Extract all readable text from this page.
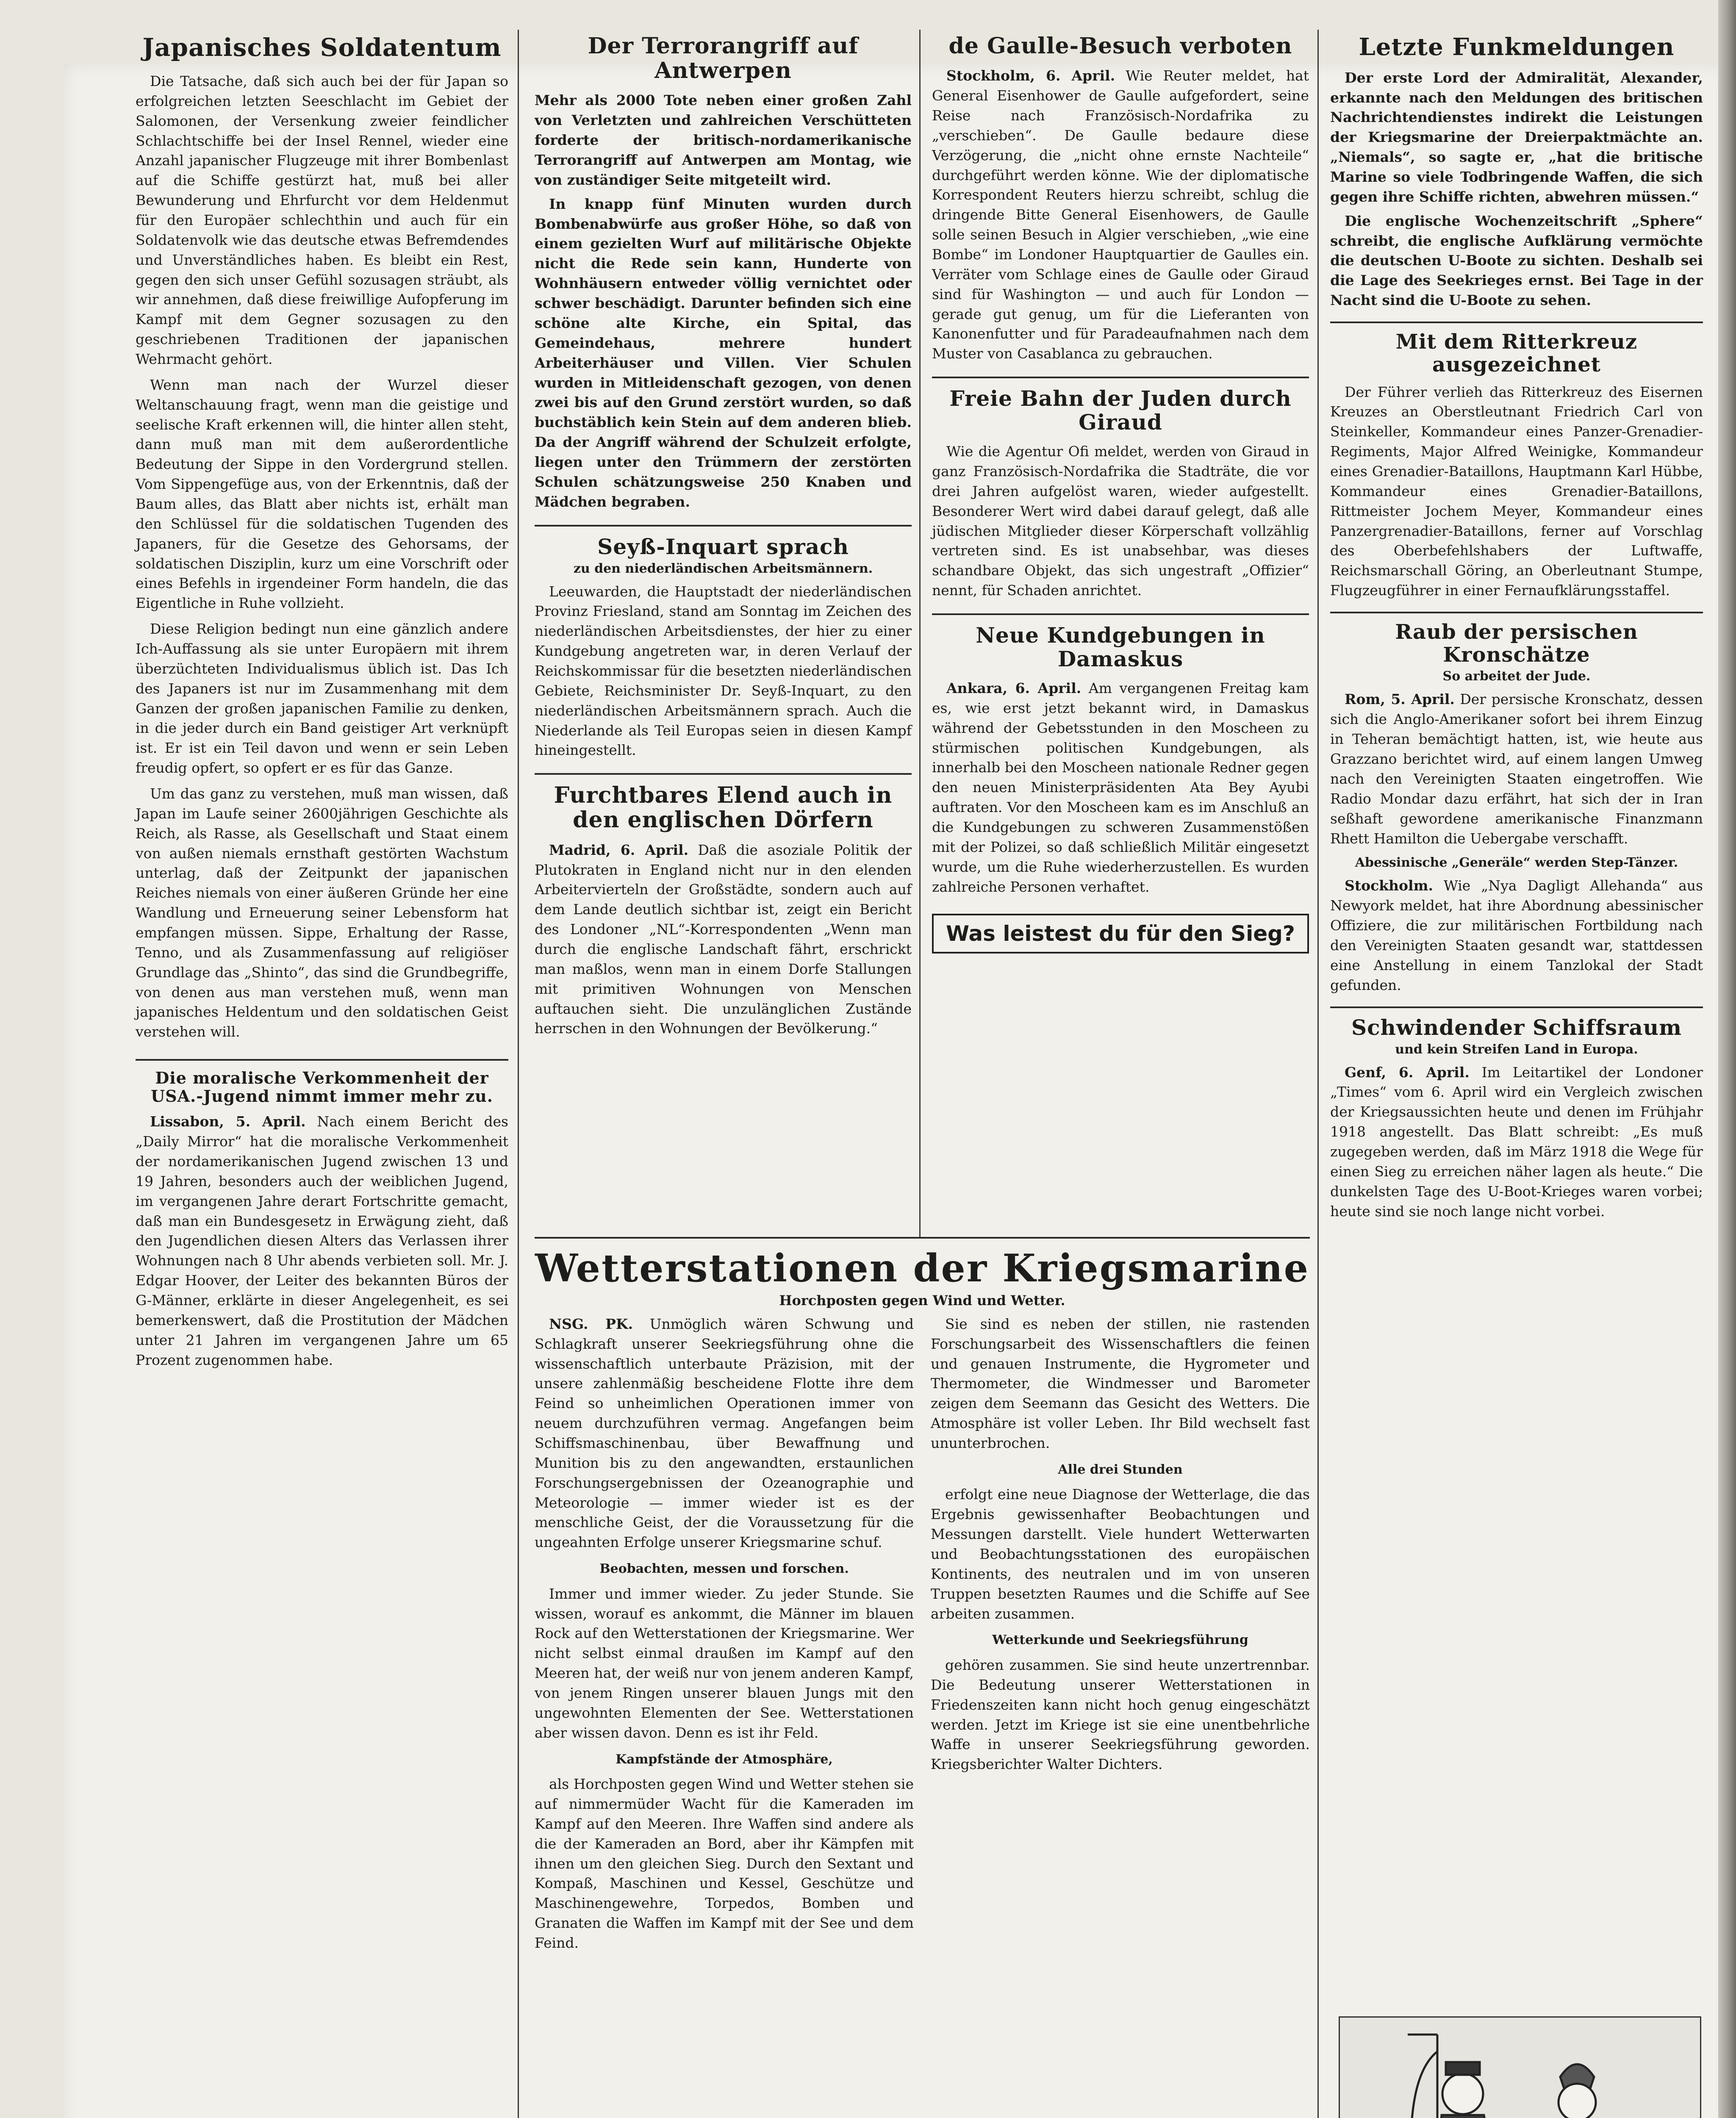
Japanisches Soldatentum

Die Tatsache, daß sich auch bei der für Japan so erfolgreichen letzten Seeschlacht im Gebiet der Salomonen, der Versenkung zweier feindlicher Schlachtschiffe bei der Insel Rennel, wieder eine Anzahl japanischer Flugzeuge mit ihrer Bombenlast auf die Schiffe gestürzt hat, muß bei aller Bewunderung und Ehrfurcht vor dem Heldenmut für den Europäer schlechthin und auch für ein Soldatenvolk wie das deutsche etwas Befremdendes und Unverständliches haben. Es bleibt ein Rest, gegen den sich unser Gefühl sozusagen sträubt, als wir annehmen, daß diese freiwillige Aufopferung im Kampf mit dem Gegner sozusagen zu den geschriebenen Traditionen der japanischen Wehrmacht gehört.

Wenn man nach der Wurzel dieser Weltanschauung fragt, wenn man die geistige und seelische Kraft erkennen will, die hinter allen steht, dann muß man mit dem außerordentliche Bedeutung der Sippe in den Vordergrund stellen. Vom Sippengefüge aus, von der Erkenntnis, daß der Baum alles, das Blatt aber nichts ist, erhält man den Schlüssel für die soldatischen Tugenden des Japaners, für die Gesetze des Gehorsams, der soldatischen Disziplin, kurz um eine Vorschrift oder eines Befehls in irgendeiner Form handeln, die das Eigentliche in Ruhe vollzieht.

Diese Religion bedingt nun eine gänzlich andere Ich-Auffassung als sie unter Europäern mit ihrem überzüchteten Individualismus üblich ist. Das Ich des Japaners ist nur im Zusammenhang mit dem Ganzen der großen japanischen Familie zu denken, in die jeder durch ein Band geistiger Art verknüpft ist. Er ist ein Teil davon und wenn er sein Leben freudig opfert, so opfert er es für das Ganze.

Um das ganz zu verstehen, muß man wissen, daß Japan im Laufe seiner 2600jährigen Geschichte als Reich, als Rasse, als Gesellschaft und Staat einem von außen niemals ernsthaft gestörten Wachstum unterlag, daß der Zeitpunkt der japanischen Reiches niemals von einer äußeren Gründe her eine Wandlung und Erneuerung seiner Lebensform hat empfangen müssen. Sippe, Erhaltung der Rasse, Tenno, und als Zusammenfassung auf religiöser Grundlage das „Shinto“, das sind die Grundbegriffe, von denen aus man verstehen muß, wenn man japanisches Heldentum und den soldatischen Geist verstehen will.

Die moralische Verkommenheit der USA.-Jugend nimmt immer mehr zu.

Lissabon, 5. April. Nach einem Bericht des „Daily Mirror“ hat die moralische Verkommenheit der nordamerikanischen Jugend zwischen 13 und 19 Jahren, besonders auch der weiblichen Jugend, im vergangenen Jahre derart Fortschritte gemacht, daß man ein Bundesgesetz in Erwägung zieht, daß den Jugendlichen diesen Alters das Verlassen ihrer Wohnungen nach 8 Uhr abends verbieten soll. Mr. J. Edgar Hoover, der Leiter des bekannten Büros der G-Männer, erklärte in dieser Angelegenheit, es sei bemerkenswert, daß die Prostitution der Mädchen unter 21 Jahren im vergangenen Jahre um 65 Prozent zugenommen habe.

Der Terrorangriff auf Antwerpen

Mehr als 2000 Tote neben einer großen Zahl von Verletzten und zahlreichen Verschütteten forderte der britisch-nordamerikanische Terrorangriff auf Antwerpen am Montag, wie von zuständiger Seite mitgeteilt wird.

In knapp fünf Minuten wurden durch Bombenabwürfe aus großer Höhe, so daß von einem gezielten Wurf auf militärische Objekte nicht die Rede sein kann, Hunderte von Wohnhäusern entweder völlig vernichtet oder schwer beschädigt. Darunter befinden sich eine schöne alte Kirche, ein Spital, das Gemeindehaus, mehrere hundert Arbeiterhäuser und Villen. Vier Schulen wurden in Mitleidenschaft gezogen, von denen zwei bis auf den Grund zerstört wurden, so daß buchstäblich kein Stein auf dem anderen blieb. Da der Angriff während der Schulzeit erfolgte, liegen unter den Trümmern der zerstörten Schulen schätzungsweise 250 Knaben und Mädchen begraben.

Seyß-Inquart sprach
zu den niederländischen Arbeitsmännern.

Leeuwarden, die Hauptstadt der niederländischen Provinz Friesland, stand am Sonntag im Zeichen des niederländischen Arbeitsdienstes, der hier zu einer Kundgebung angetreten war, in deren Verlauf der Reichskommissar für die besetzten niederländischen Gebiete, Reichsminister Dr. Seyß-Inquart, zu den niederländischen Arbeitsmännern sprach. Auch die Niederlande als Teil Europas seien in diesen Kampf hineingestellt.

Furchtbares Elend auch in den englischen Dörfern

Madrid, 6. April. Daß die asoziale Politik der Plutokraten in England nicht nur in den elenden Arbeitervierteln der Großstädte, sondern auch auf dem Lande deutlich sichtbar ist, zeigt ein Bericht des Londoner „NL“-Korrespondenten „Wenn man durch die englische Landschaft fährt, erschrickt man maßlos, wenn man in einem Dorfe Stallungen mit primitiven Wohnungen von Menschen auftauchen sieht. Die unzulänglichen Zustände herrschen in den Wohnungen der Bevölkerung.“

de Gaulle-Besuch verboten

Stockholm, 6. April. Wie Reuter meldet, hat General Eisenhower de Gaulle aufgefordert, seine Reise nach Französisch-Nordafrika zu „verschieben“. De Gaulle bedaure diese Verzögerung, die „nicht ohne ernste Nachteile“ durchgeführt werden könne. Wie der diplomatische Korrespondent Reuters hierzu schreibt, schlug die dringende Bitte General Eisenhowers, de Gaulle solle seinen Besuch in Algier verschieben, „wie eine Bombe“ im Londoner Hauptquartier de Gaulles ein. Verräter vom Schlage eines de Gaulle oder Giraud sind für Washington — und auch für London — gerade gut genug, um für die Lieferanten von Kanonenfutter und für Paradeaufnahmen nach dem Muster von Casablanca zu gebrauchen.

Freie Bahn der Juden durch Giraud

Wie die Agentur Ofi meldet, werden von Giraud in ganz Französisch-Nordafrika die Stadträte, die vor drei Jahren aufgelöst waren, wieder aufgestellt. Besonderer Wert wird dabei darauf gelegt, daß alle jüdischen Mitglieder dieser Körperschaft vollzählig vertreten sind. Es ist unabsehbar, was dieses schandbare Objekt, das sich ungestraft „Offizier“ nennt, für Schaden anrichtet.

Neue Kundgebungen in Damaskus

Ankara, 6. April. Am vergangenen Freitag kam es, wie erst jetzt bekannt wird, in Damaskus während der Gebetsstunden in den Moscheen zu stürmischen politischen Kundgebungen, als innerhalb bei den Moscheen nationale Redner gegen den neuen Ministerpräsidenten Ata Bey Ayubi auftraten. Vor den Moscheen kam es im Anschluß an die Kundgebungen zu schweren Zusammenstößen mit der Polizei, so daß schließlich Militär eingesetzt wurde, um die Ruhe wiederherzustellen. Es wurden zahlreiche Personen verhaftet.

Was leistest du für den Sieg?
Letzte Funkmeldungen

Der erste Lord der Admiralität, Alexander, erkannte nach den Meldungen des britischen Nachrichtendienstes indirekt die Leistungen der Kriegsmarine der Dreierpaktmächte an. „Niemals“, so sagte er, „hat die britische Marine so viele Todbringende Waffen, die sich gegen ihre Schiffe richten, abwehren müssen.“

Die englische Wochenzeitschrift „Sphere“ schreibt, die englische Aufklärung vermöchte die deutschen U-Boote zu sichten. Deshalb sei die Lage des Seekrieges ernst. Bei Tage in der Nacht sind die U-Boote zu sehen.

Mit dem Ritterkreuz ausgezeichnet

Der Führer verlieh das Ritterkreuz des Eisernen Kreuzes an Oberstleutnant Friedrich Carl von Steinkeller, Kommandeur eines Panzer-Grenadier-Regiments, Major Alfred Weinigke, Kommandeur eines Grenadier-Bataillons, Hauptmann Karl Hübbe, Kommandeur eines Grenadier-Bataillons, Rittmeister Jochem Meyer, Kommandeur eines Panzergrenadier-Bataillons, ferner auf Vorschlag des Oberbefehlshabers der Luftwaffe, Reichsmarschall Göring, an Oberleutnant Stumpe, Flugzeugführer in einer Fernaufklärungsstaffel.

Raub der persischen Kronschätze
So arbeitet der Jude.

Rom, 5. April. Der persische Kronschatz, dessen sich die Anglo-Amerikaner sofort bei ihrem Einzug in Teheran bemächtigt hatten, ist, wie heute aus Grazzano berichtet wird, auf einem langen Umweg nach den Vereinigten Staaten eingetroffen. Wie Radio Mondar dazu erfährt, hat sich der in Iran seßhaft gewordene amerikanische Finanzmann Rhett Hamilton die Uebergabe verschafft.

Abessinische „Generäle“ werden Step-Tänzer.

Stockholm. Wie „Nya Dagligt Allehanda“ aus Newyork meldet, hat ihre Abordnung abessinischer Offiziere, die zur militärischen Fortbildung nach den Vereinigten Staaten gesandt war, stattdessen eine Anstellung in einem Tanzlokal der Stadt gefunden.

Schwindender Schiffsraum
und kein Streifen Land in Europa.

Genf, 6. April. Im Leitartikel der Londoner „Times“ vom 6. April wird ein Vergleich zwischen der Kriegsaussichten heute und denen im Frühjahr 1918 angestellt. Das Blatt schreibt: „Es muß zugegeben werden, daß im März 1918 die Wege für einen Sieg zu erreichen näher lagen als heute.“ Die dunkelsten Tage des U-Boot-Krieges waren vorbei; heute sind sie noch lange nicht vorbei.

Wetterstationen der Kriegsmarine
Horchposten gegen Wind und Wetter.

NSG. PK. Unmöglich wären Schwung und Schlagkraft unserer Seekriegsführung ohne die wissenschaftlich unterbaute Präzision, mit der unsere zahlenmäßig bescheidene Flotte ihre dem Feind so unheimlichen Operationen immer von neuem durchzuführen vermag. Angefangen beim Schiffsmaschinenbau, über Bewaffnung und Munition bis zu den angewandten, erstaunlichen Forschungsergebnissen der Ozeanographie und Meteorologie — immer wieder ist es der menschliche Geist, der die Voraussetzung für die ungeahnten Erfolge unserer Kriegsmarine schuf.

Beobachten, messen und forschen.

Immer und immer wieder. Zu jeder Stunde. Sie wissen, worauf es ankommt, die Männer im blauen Rock auf den Wetterstationen der Kriegsmarine. Wer nicht selbst einmal draußen im Kampf auf den Meeren hat, der weiß nur von jenem anderen Kampf, von jenem Ringen unserer blauen Jungs mit den ungewohnten Elementen der See. Wetterstationen aber wissen davon. Denn es ist ihr Feld.

Kampfstände der Atmosphäre,

als Horchposten gegen Wind und Wetter stehen sie auf nimmermüder Wacht für die Kameraden im Kampf auf den Meeren. Ihre Waffen sind andere als die der Kameraden an Bord, aber ihr Kämpfen mit ihnen um den gleichen Sieg. Durch den Sextant und Kompaß, Maschinen und Kessel, Geschütze und Maschinengewehre, Torpedos, Bomben und Granaten die Waffen im Kampf mit der See und dem Feind.

Sie sind es neben der stillen, nie rastenden Forschungsarbeit des Wissenschaftlers die feinen und genauen Instrumente, die Hygrometer und Thermometer, die Windmesser und Barometer zeigen dem Seemann das Gesicht des Wetters. Die Atmosphäre ist voller Leben. Ihr Bild wechselt fast ununterbrochen.

Alle drei Stunden

erfolgt eine neue Diagnose der Wetterlage, die das Ergebnis gewissenhafter Beobachtungen und Messungen darstellt. Viele hundert Wetterwarten und Beobachtungsstationen des europäischen Kontinents, des neutralen und im von unseren Truppen besetzten Raumes und die Schiffe auf See arbeiten zusammen.

Wetterkunde und Seekriegsführung

gehören zusammen. Sie sind heute unzertrennbar. Die Bedeutung unserer Wetterstationen in Friedenszeiten kann nicht hoch genug eingeschätzt werden. Jetzt im Kriege ist sie eine unentbehrliche Waffe in unserer Seekriegsführung geworden. Kriegsberichter Walter Dichters.
